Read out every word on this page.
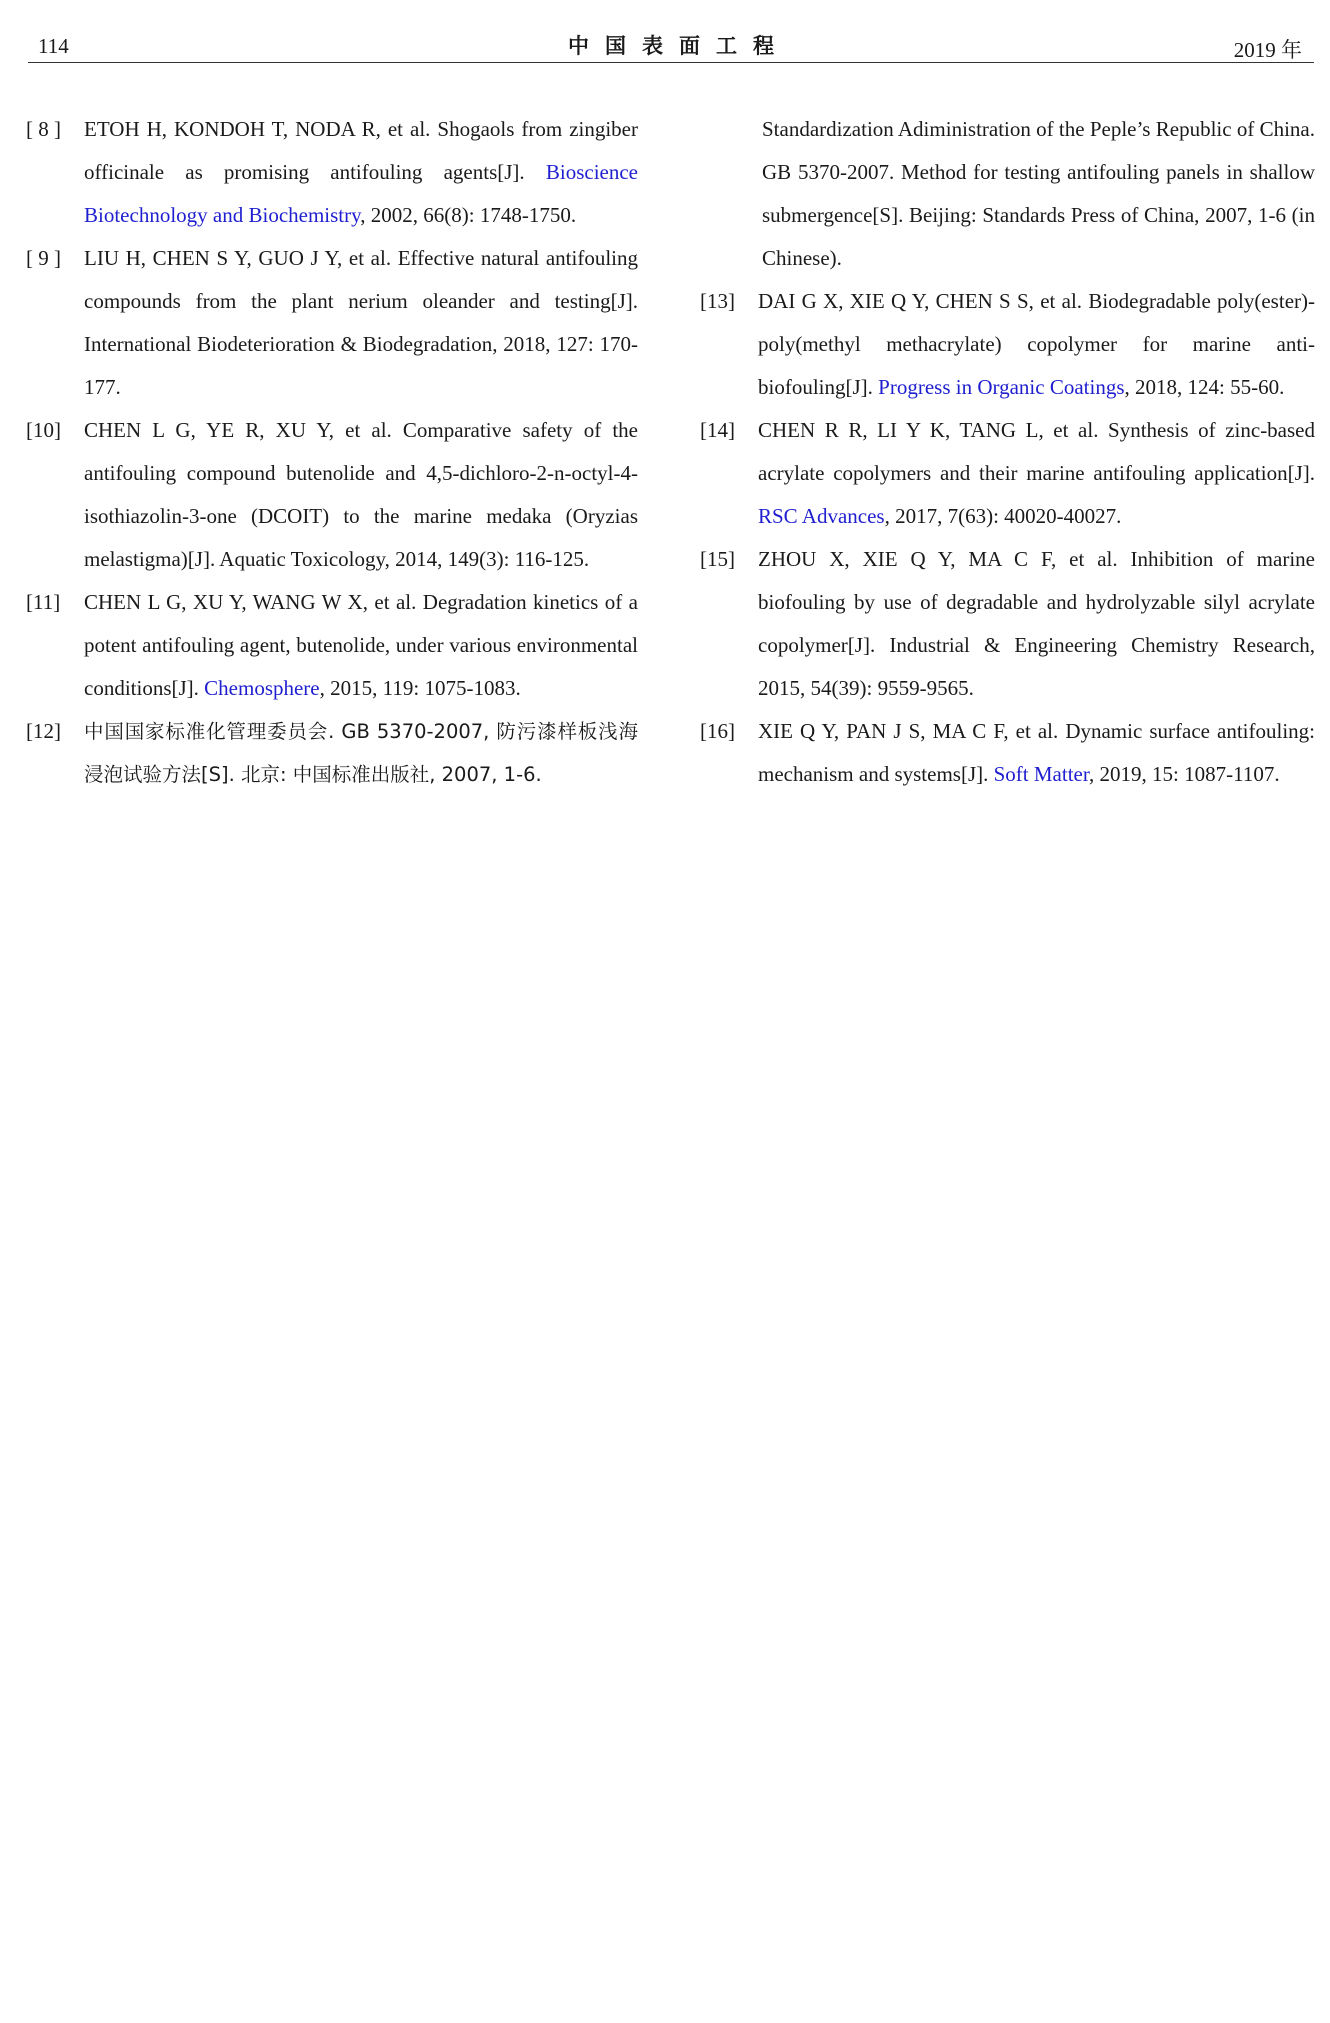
114	中国表面工程	2019 年
[ 8 ] ETOH H, KONDOH T, NODA R, et al. Shogaols from zingiber officinale as promising antifouling agents[J]. Bioscience Biotechnology and Biochemistry, 2002, 66(8): 1748-1750.
[ 9 ] LIU H, CHEN S Y, GUO J Y, et al. Effective natural antifouling compounds from the plant nerium oleander and testing[J]. International Biodeterioration & Biodegradation, 2018, 127: 170-177.
[10] CHEN L G, YE R, XU Y, et al. Comparative safety of the antifouling compound butenolide and 4,5-dichloro-2-n-octyl-4-isothiazolin-3-one (DCOIT) to the marine medaka (Oryzias melastigma)[J]. Aquatic Toxicology, 2014, 149(3): 116-125.
[11] CHEN L G, XU Y, WANG W X, et al. Degradation kinetics of a potent antifouling agent, butenolide, under various environmental conditions[J]. Chemosphere, 2015, 119: 1075-1083.
[12] 中国国家标准化管理委员会. GB 5370-2007, 防污漆样板浅海浸泡试验方法[S]. 北京: 中国标准出版社, 2007, 1-6.
Standardization Adiministration of the Peple’s Republic of China. GB 5370-2007. Method for testing antifouling panels in shallow submergence[S]. Beijing: Standards Press of China, 2007, 1-6 (in Chinese).
[13] DAI G X, XIE Q Y, CHEN S S, et al. Biodegradable poly(ester)-poly(methyl methacrylate) copolymer for marine anti-biofouling[J]. Progress in Organic Coatings, 2018, 124: 55-60.
[14] CHEN R R, LI Y K, TANG L, et al. Synthesis of zinc-based acrylate copolymers and their marine antifouling application[J]. RSC Advances, 2017, 7(63): 40020-40027.
[15] ZHOU X, XIE Q Y, MA C F, et al. Inhibition of marine biofouling by use of degradable and hydrolyzable silyl acrylate copolymer[J]. Industrial & Engineering Chemistry Research, 2015, 54(39): 9559-9565.
[16] XIE Q Y, PAN J S, MA C F, et al. Dynamic surface antifouling: mechanism and systems[J]. Soft Matter, 2019, 15: 1087-1107.
